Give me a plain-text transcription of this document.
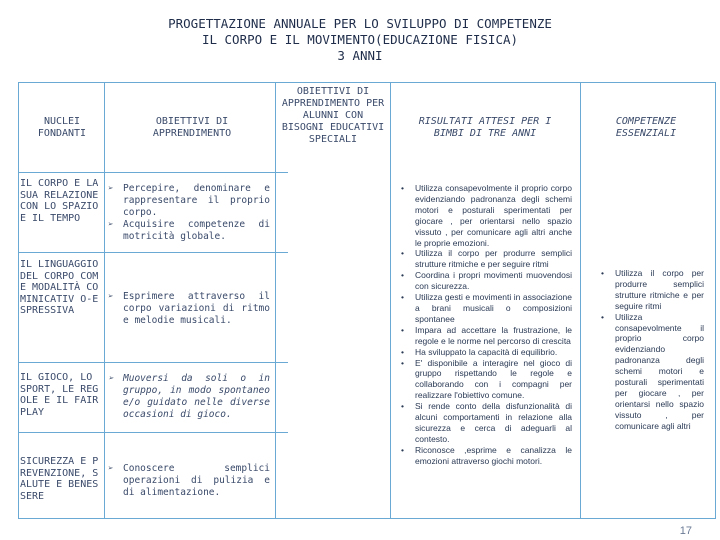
PROGETTAZIONE ANNUALE PER LO SVILUPPO DI COMPETENZE
IL CORPO E IL MOVIMENTO(EDUCAZIONE FISICA)
3 ANNI
NUCLEI FONDANTI
OBIETTIVI DI APPRENDIMENTO
OBIETTIVI DI APPRENDIMENTO PER ALUNNI CON BISOGNI EDUCATIVI SPECIALI
RISULTATI ATTESI PER I BIMBI DI TRE ANNI
COMPETENZE ESSENZIALI
IL CORPO E LA SUA RELAZIONE CON LO SPAZIO E IL TEMPO
➢ Percepire, denominare e rappresentare il proprio corpo.
➢ Acquisire competenze di motricità globale.
IL LINGUAGGIO DEL CORPO COME MODALITÀ COMINICATIV O-ESPRESSIVA
➢ Esprimere attraverso il corpo variazioni di ritmo e melodie musicali.
IL GIOCO, LO SPORT, LE REGOLE E IL FAIR PLAY
➢ Muoversi da soli o in gruppo, in modo spontaneo e/o guidato nelle diverse occasioni di gioco.
SICUREZZA E PREVENZIONE, SALUTE E BENESSERE
➢ Conoscere semplici operazioni di pulizia e di alimentazione.
• Utilizza consapevolmente il proprio corpo evidenziando padronanza degli schemi motori e posturali sperimentati per giocare , per orientarsi nello spazio vissuto , per comunicare agli altri anche le proprie emozioni.
• Utilizza il corpo per produrre semplici strutture ritmiche e per seguire ritmi
• Coordina i propri movimenti muovendosi con sicurezza.
• Utilizza gesti e movimenti in associazione a brani musicali o composizioni spontanee
• Impara ad accettare la frustrazione, le regole e le norme nel percorso di crescita
• Ha sviluppato la capacità di equilibrio.
• E' disponibile a interagire nel gioco di gruppo rispettando le regole e collaborando con i compagni per realizzare l'obiettivo comune.
• Si rende conto della disfunzionalità di alcuni comportamenti in relazione alla sicurezza e cerca di adeguarli al contesto.
• Riconosce ,esprime e canalizza le emozioni attraverso giochi motori.
• Utilizza il corpo per produrre semplici strutture ritmiche e per seguire ritmi
• Utilizza consapevolmente il proprio corpo evidenziando padronanza degli schemi motori e posturali sperimentati per giocare , per orientarsi nello spazio vissuto , per comunicare agli altri
17
